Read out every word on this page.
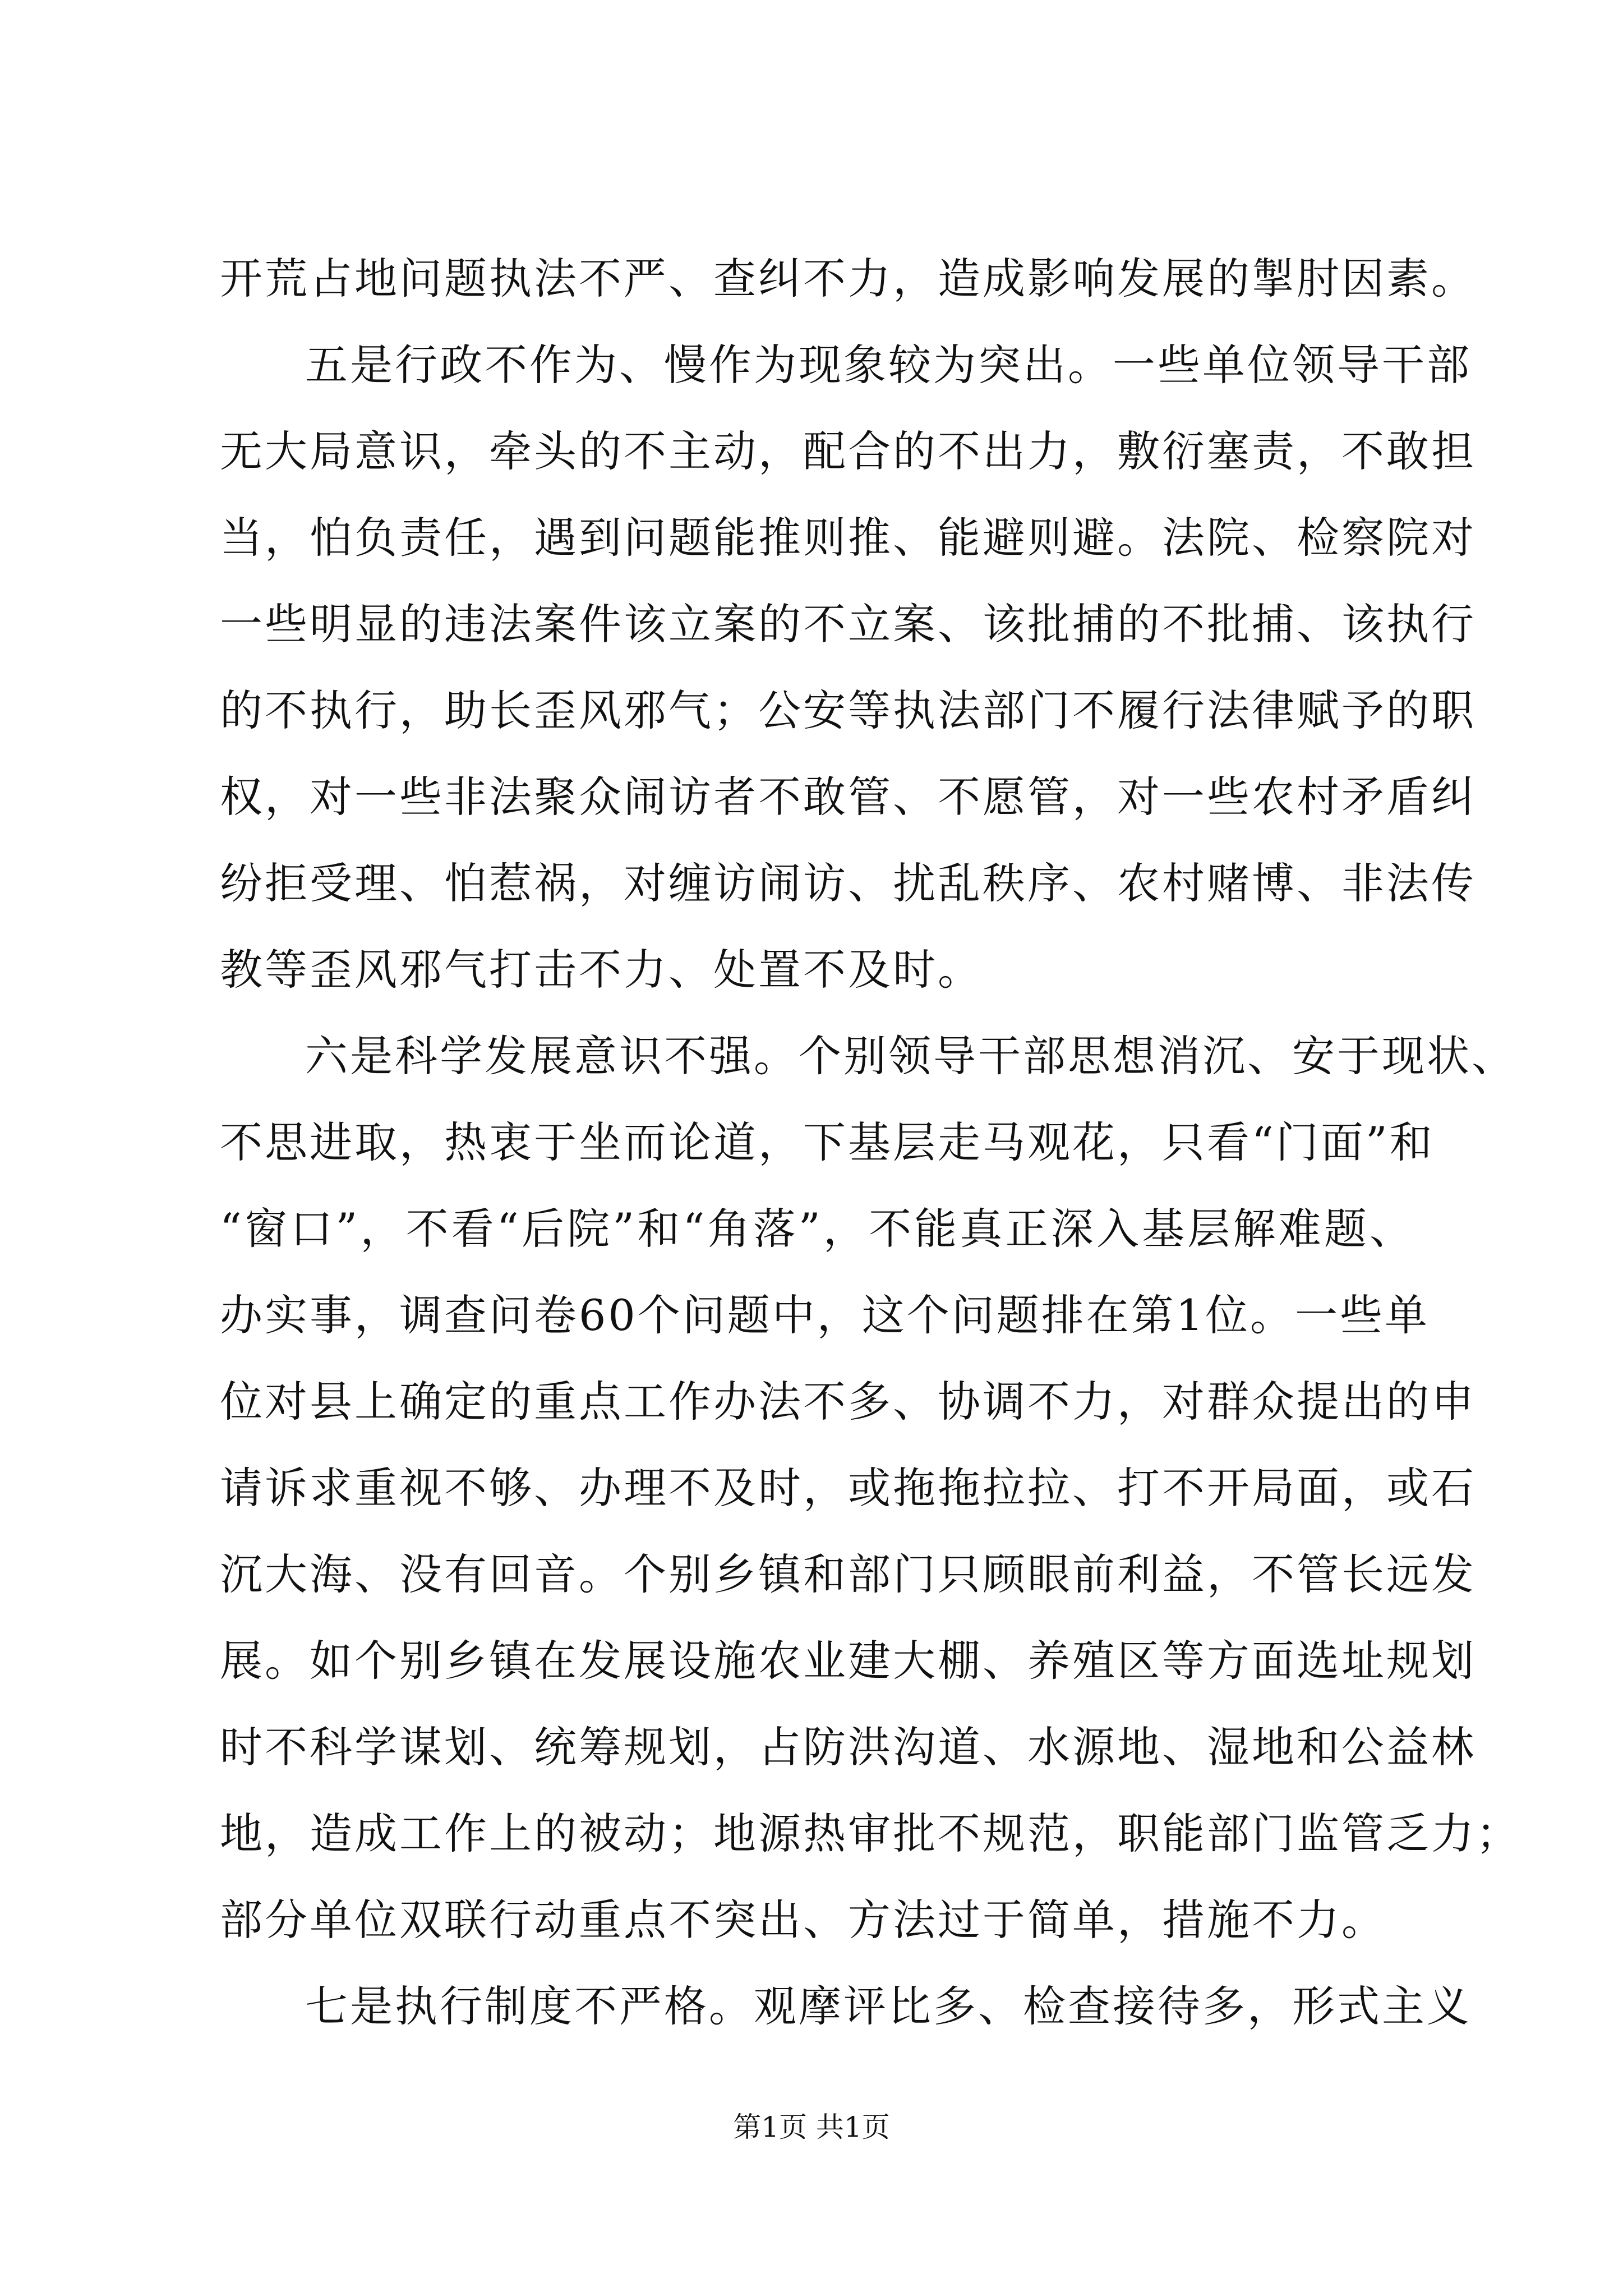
开荒占地问题执法不严、查纠不力，造成影响发展的掣肘因素。
五是行政不作为、慢作为现象较为突出。一些单位领导干部
无大局意识，牵头的不主动，配合的不出力，敷衍塞责，不敢担
当，怕负责任，遇到问题能推则推、能避则避。法院、检察院对
一些明显的违法案件该立案的不立案、该批捕的不批捕、该执行
的不执行，助长歪风邪气；公安等执法部门不履行法律赋予的职
权，对一些非法聚众闹访者不敢管、不愿管，对一些农村矛盾纠
纷拒受理、怕惹祸，对缠访闹访、扰乱秩序、农村赌博、非法传
教等歪风邪气打击不力、处置不及时。
六是科学发展意识不强。个别领导干部思想消沉、安于现状、
不思进取，热衷于坐而论道，下基层走马观花，只看“门面”和
“窗口”，不看“后院”和“角落”，不能真正深入基层解难题、
办实事，调查问卷60个问题中，这个问题排在第1位。一些单
位对县上确定的重点工作办法不多、协调不力，对群众提出的申
请诉求重视不够、办理不及时，或拖拖拉拉、打不开局面，或石
沉大海、没有回音。个别乡镇和部门只顾眼前利益，不管长远发
展。如个别乡镇在发展设施农业建大棚、养殖区等方面选址规划
时不科学谋划、统筹规划，占防洪沟道、水源地、湿地和公益林
地，造成工作上的被动；地源热审批不规范，职能部门监管乏力；
部分单位双联行动重点不突出、方法过于简单，措施不力。
七是执行制度不严格。观摩评比多、检查接待多，形式主义
第1页 共1页
